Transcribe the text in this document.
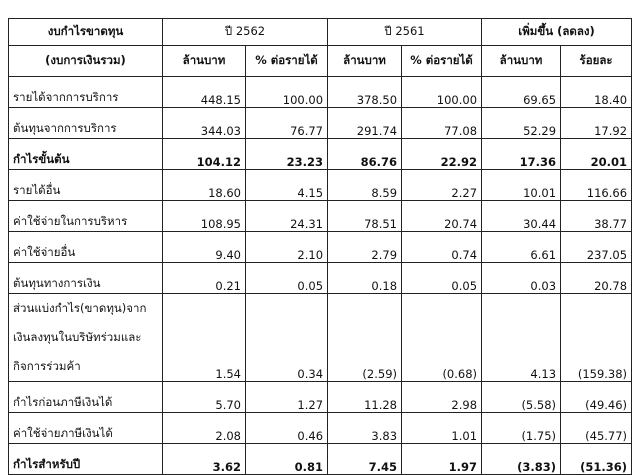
งบกำไรขาดทุน	ปี 2562		ปี 2561		เพิ่มขึ้น (ลดลง)	
(งบการเงินรวม)	ล้านบาท	% ต่อรายได้	ล้านบาท	% ต่อรายได้	ล้านบาท	ร้อยละ
รายได้จากการบริการ	448.15	100.00	378.50	100.00	69.65	18.40
ต้นทุนจากการบริการ	344.03	76.77	291.74	77.08	52.29	17.92
กำไรขั้นต้น	104.12	23.23	86.76	22.92	17.36	20.01
รายได้อื่น	18.60	4.15	8.59	2.27	10.01	116.66
ค่าใช้จ่ายในการบริหาร	108.95	24.31	78.51	20.74	30.44	38.77
ค่าใช้จ่ายอื่น	9.40	2.10	2.79	0.74	6.61	237.05
ต้นทุนทางการเงิน	0.21	0.05	0.18	0.05	0.03	20.78

ส่วนแบ่งกำไร(ขาดทุน)จาก
เงินลงทุนในบริษัทร่วมและ
กิจการร่วมค้า	1.54	0.34	(2.59)	(0.68)	4.13	(159.38)
กำไรก่อนภาษีเงินได้	5.70	1.27	11.28	2.98	(5.58)	(49.46)
ค่าใช้จ่ายภาษีเงินได้	2.08	0.46	3.83	1.01	(1.75)	(45.77)
กำไรสำหรับปี	3.62	0.81	7.45	1.97	(3.83)	(51.36)
